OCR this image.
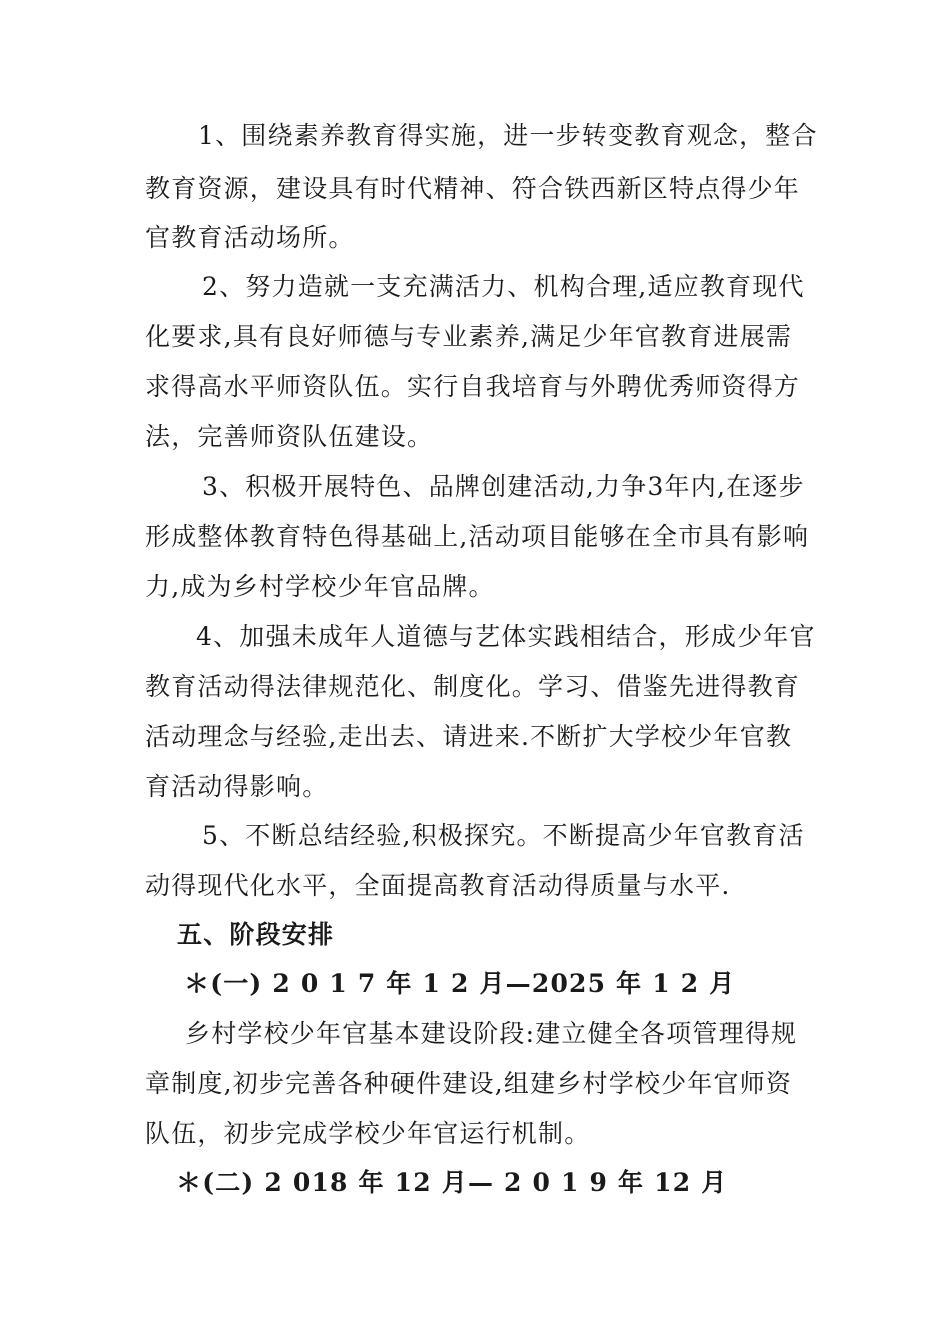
1、围绕素养教育得实施，进一步转变教育观念，整合
教育资源，建设具有时代精神、符合铁西新区特点得少年
官教育活动场所。
2、努力造就一支充满活力、机构合理,适应教育现代
化要求,具有良好师德与专业素养,满足少年官教育进展需
求得高水平师资队伍。实行自我培育与外聘优秀师资得方
法，完善师资队伍建设。
3、积极开展特色、品牌创建活动,力争3年内,在逐步
形成整体教育特色得基础上,活动项目能够在全市具有影响
力,成为乡村学校少年官品牌。
4、加强未成年人道德与艺体实践相结合，形成少年官
教育活动得法律规范化、制度化。学习、借鉴先进得教育
活动理念与经验,走出去、请进来.不断扩大学校少年官教
育活动得影响。
5、不断总结经验,积极探究。不断提高少年官教育活
动得现代化水平，全面提高教育活动得质量与水平.
五、阶段安排
＊(一) 2 0 1 7 年 1 2 月—2025 年 1 2 月
乡村学校少年官基本建设阶段:建立健全各项管理得规
章制度,初步完善各种硬件建设,组建乡村学校少年官师资
队伍，初步完成学校少年官运行机制。
＊(二) 2 018 年 12 月— 2 0 1 9 年 12 月
